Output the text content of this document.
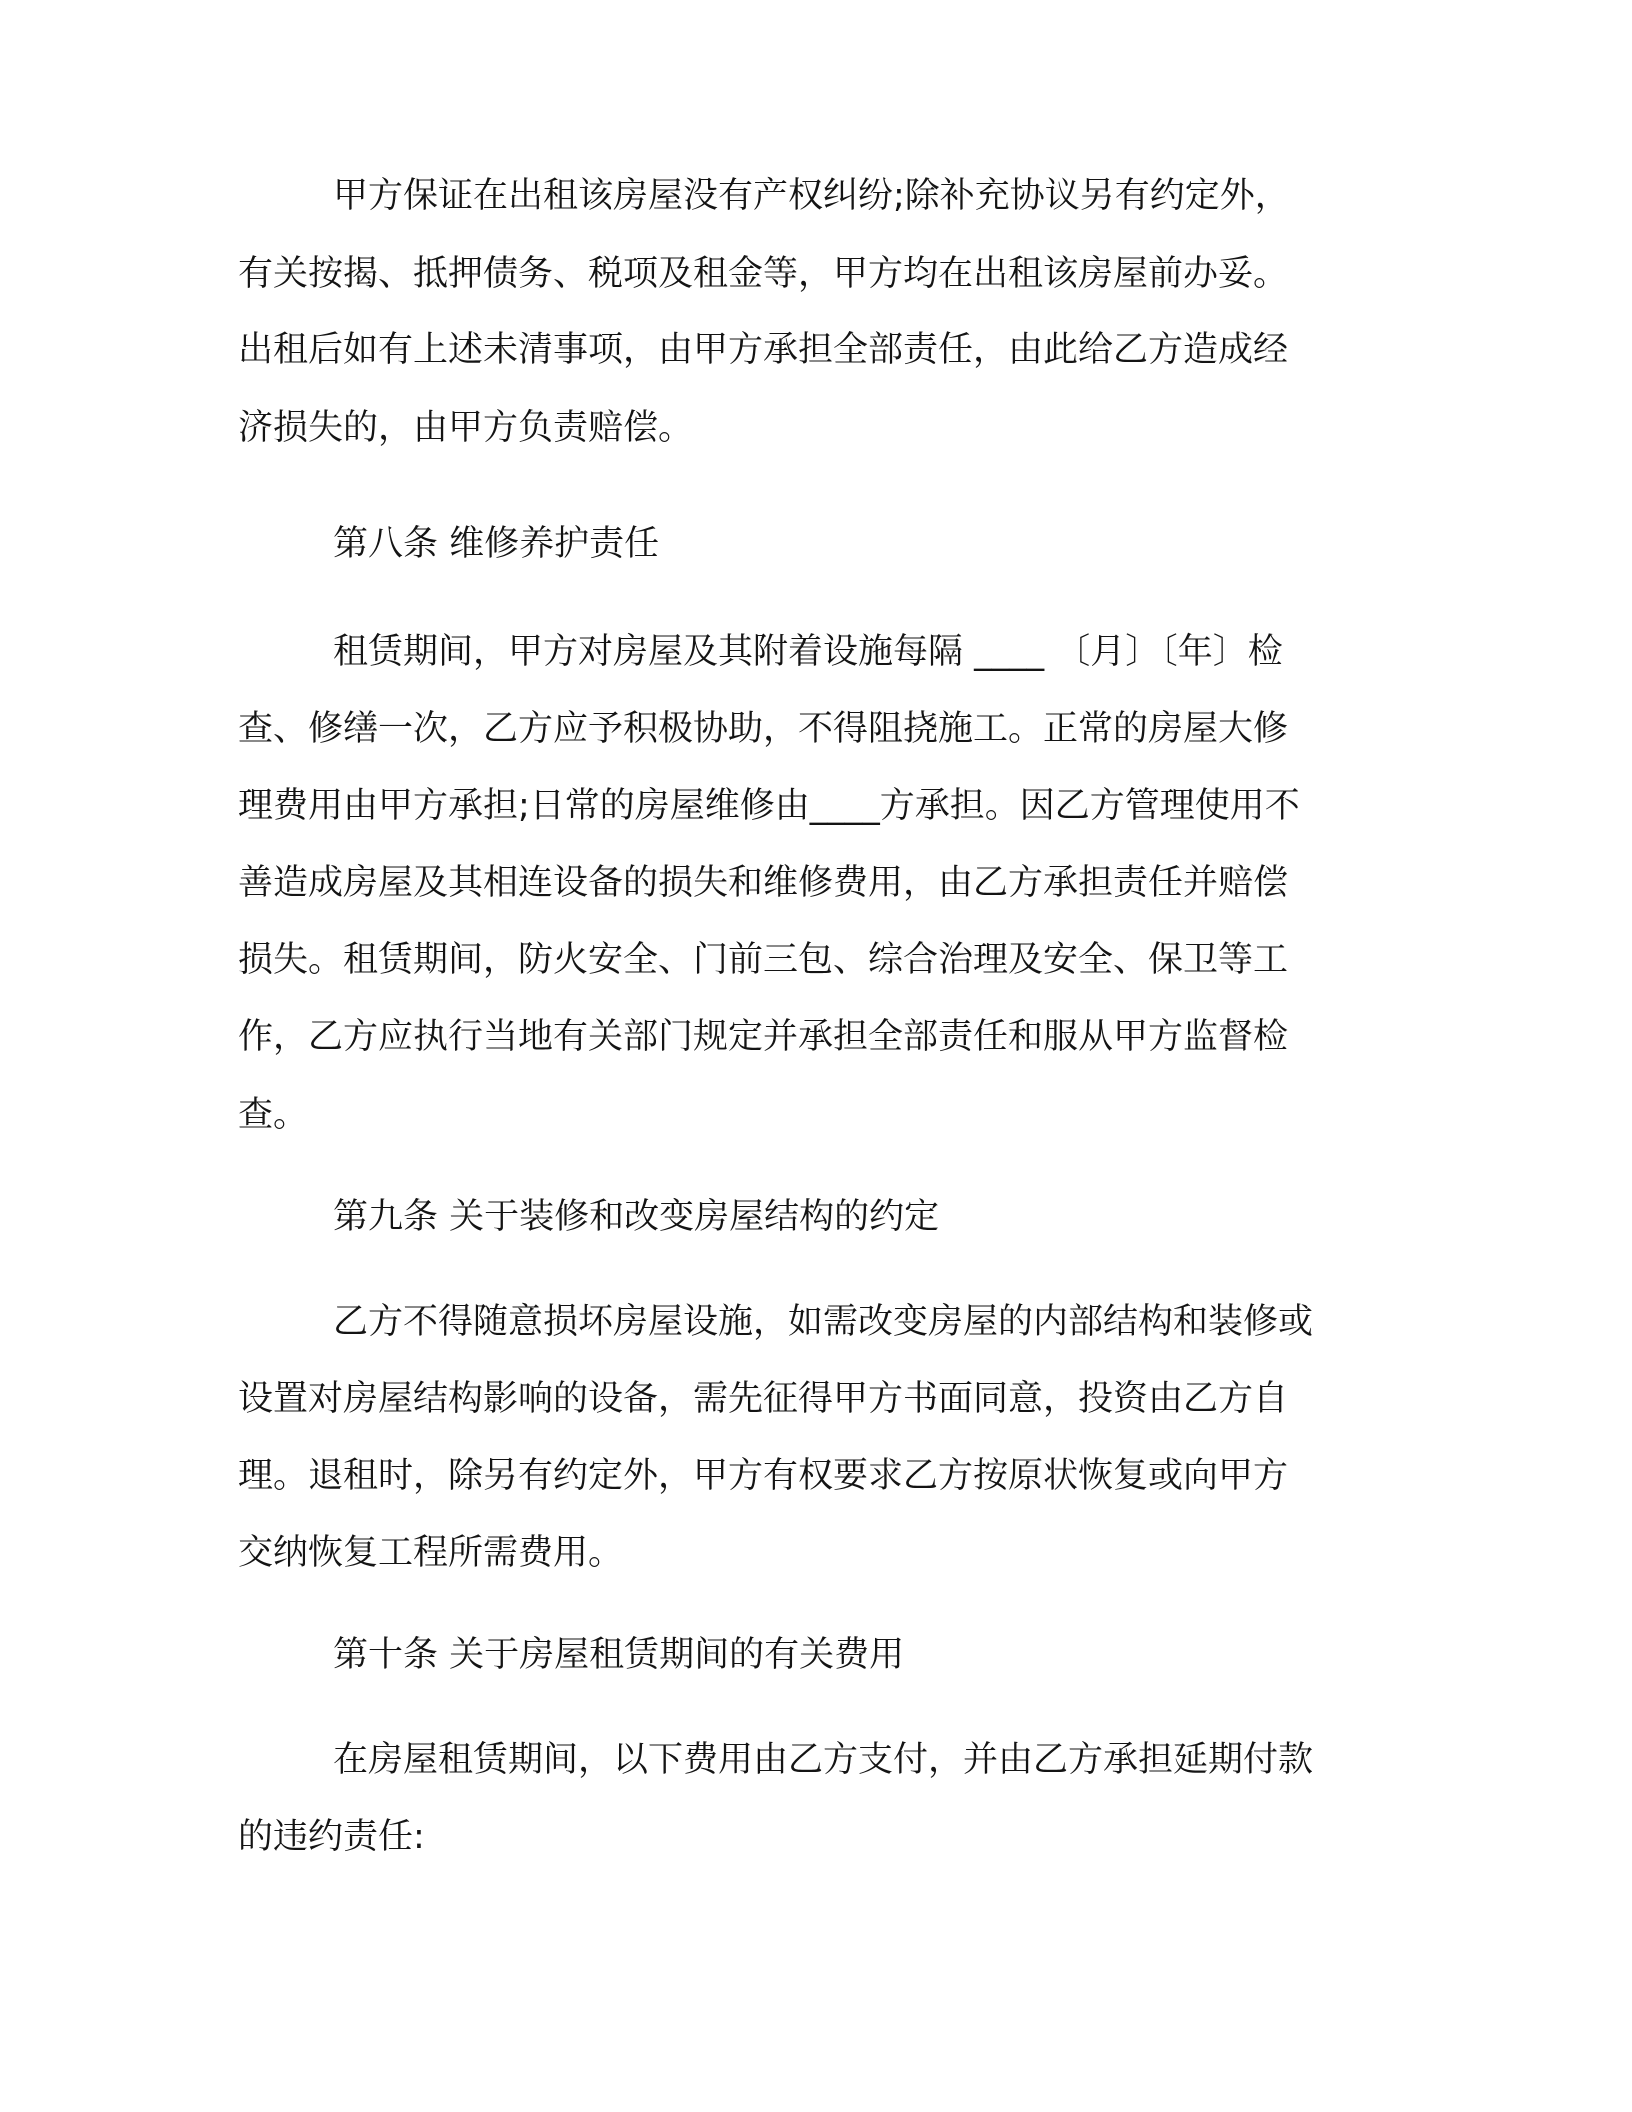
甲方保证在出租该房屋没有产权纠纷;除补充协议另有约定外，

有关按揭、抵押债务、税项及租金等，甲方均在出租该房屋前办妥。

出租后如有上述未清事项，由甲方承担全部责任，由此给乙方造成经

济损失的，由甲方负责赔偿。

第八条 维修养护责任

租赁期间，甲方对房屋及其附着设施每隔 ____ 〔月〕〔年〕检

查、修缮一次，乙方应予积极协助，不得阻挠施工。正常的房屋大修

理费用由甲方承担;日常的房屋维修由____方承担。因乙方管理使用不

善造成房屋及其相连设备的损失和维修费用，由乙方承担责任并赔偿

损失。租赁期间，防火安全、门前三包、综合治理及安全、保卫等工

作，乙方应执行当地有关部门规定并承担全部责任和服从甲方监督检

查。

第九条 关于装修和改变房屋结构的约定

乙方不得随意损坏房屋设施，如需改变房屋的内部结构和装修或

设置对房屋结构影响的设备，需先征得甲方书面同意，投资由乙方自

理。退租时，除另有约定外，甲方有权要求乙方按原状恢复或向甲方

交纳恢复工程所需费用。

第十条 关于房屋租赁期间的有关费用

在房屋租赁期间，以下费用由乙方支付，并由乙方承担延期付款

的违约责任:
